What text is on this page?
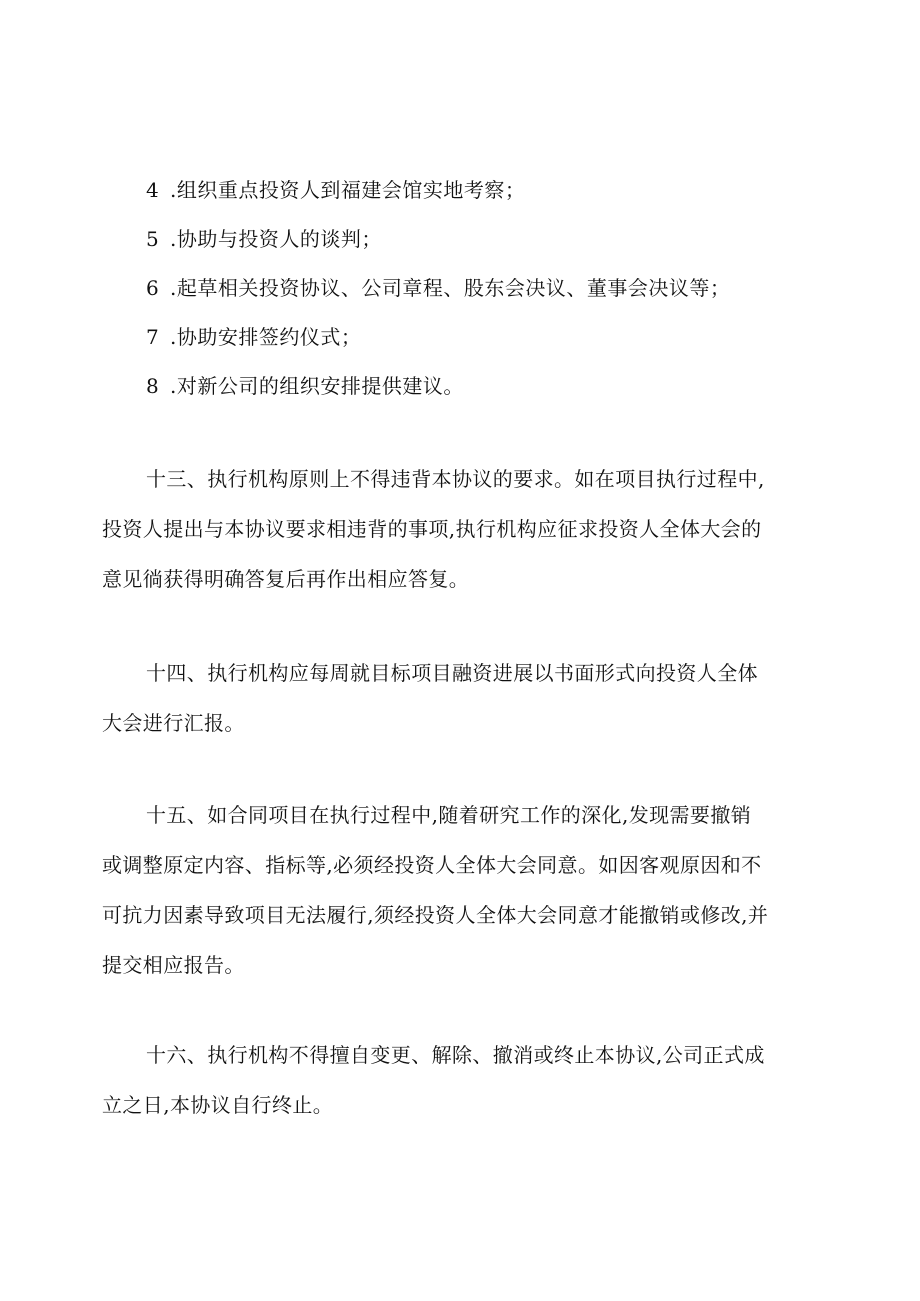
4 .组织重点投资人到福建会馆实地考察；
5 .协助与投资人的谈判；
6 .起草相关投资协议、公司章程、股东会决议、董事会决议等；
7 .协助安排签约仪式；
8 .对新公司的组织安排提供建议。
十三、执行机构原则上不得违背本协议的要求。如在项目执行过程中,
投资人提出与本协议要求相违背的事项,执行机构应征求投资人全体大会的
意见徜获得明确答复后再作出相应答复。
十四、执行机构应每周就目标项目融资进展以书面形式向投资人全体
大会进行汇报。
十五、如合同项目在执行过程中,随着研究工作的深化,发现需要撤销
或调整原定内容、指标等,必须经投资人全体大会同意。如因客观原因和不
可抗力因素导致项目无法履行,须经投资人全体大会同意才能撤销或修改,并
提交相应报告。
十六、执行机构不得擅自变更、解除、撤消或终止本协议,公司正式成
立之日,本协议自行终止。
